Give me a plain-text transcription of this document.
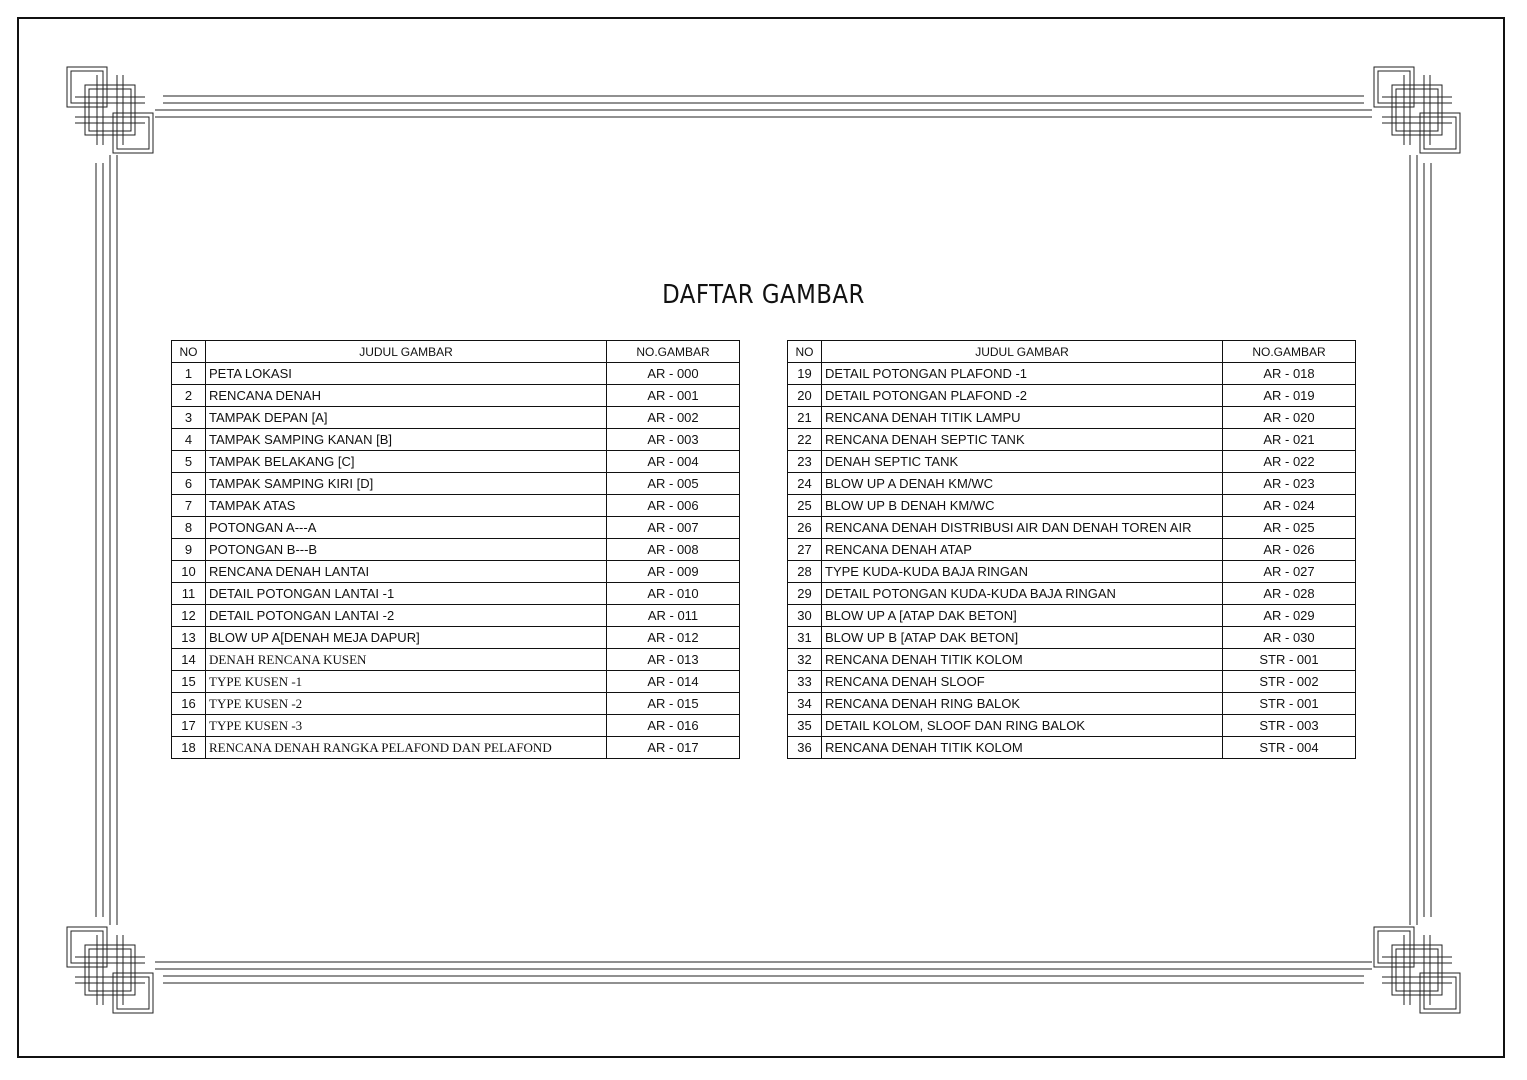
DAFTAR GAMBAR
NO	JUDUL GAMBAR	NO.GAMBAR
1	PETA LOKASI	AR - 000
2	RENCANA DENAH	AR - 001
3	TAMPAK DEPAN [A]	AR - 002
4	TAMPAK SAMPING KANAN [B]	AR - 003
5	TAMPAK BELAKANG [C]	AR - 004
6	TAMPAK SAMPING KIRI [D]	AR - 005
7	TAMPAK ATAS	AR - 006
8	POTONGAN A---A	AR - 007
9	POTONGAN B---B	AR - 008
10	RENCANA DENAH LANTAI	AR - 009
11	DETAIL POTONGAN LANTAI -1	AR - 010
12	DETAIL POTONGAN LANTAI -2	AR - 011
13	BLOW UP A[DENAH MEJA DAPUR]	AR - 012
14	DENAH RENCANA KUSEN	AR - 013
15	TYPE KUSEN -1	AR - 014
16	TYPE KUSEN -2	AR - 015
17	TYPE KUSEN -3	AR - 016
18	RENCANA DENAH RANGKA PELAFOND DAN PELAFOND	AR - 017
NO	JUDUL GAMBAR	NO.GAMBAR
19	DETAIL POTONGAN PLAFOND -1	AR - 018
20	DETAIL POTONGAN PLAFOND -2	AR - 019
21	RENCANA DENAH TITIK LAMPU	AR - 020
22	RENCANA DENAH SEPTIC TANK	AR - 021
23	DENAH SEPTIC TANK	AR - 022
24	BLOW UP A DENAH KM/WC	AR - 023
25	BLOW UP B DENAH KM/WC	AR - 024
26	RENCANA DENAH DISTRIBUSI AIR DAN DENAH TOREN AIR	AR - 025
27	RENCANA DENAH ATAP	AR - 026
28	TYPE KUDA-KUDA BAJA RINGAN	AR - 027
29	DETAIL POTONGAN KUDA-KUDA BAJA RINGAN	AR - 028
30	BLOW UP A [ATAP DAK BETON]	AR - 029
31	BLOW UP B [ATAP DAK BETON]	AR - 030
32	RENCANA DENAH TITIK KOLOM	STR - 001
33	RENCANA DENAH SLOOF	STR - 002
34	RENCANA DENAH RING BALOK	STR - 001
35	DETAIL KOLOM, SLOOF DAN RING BALOK	STR - 003
36	RENCANA DENAH TITIK KOLOM	STR - 004
